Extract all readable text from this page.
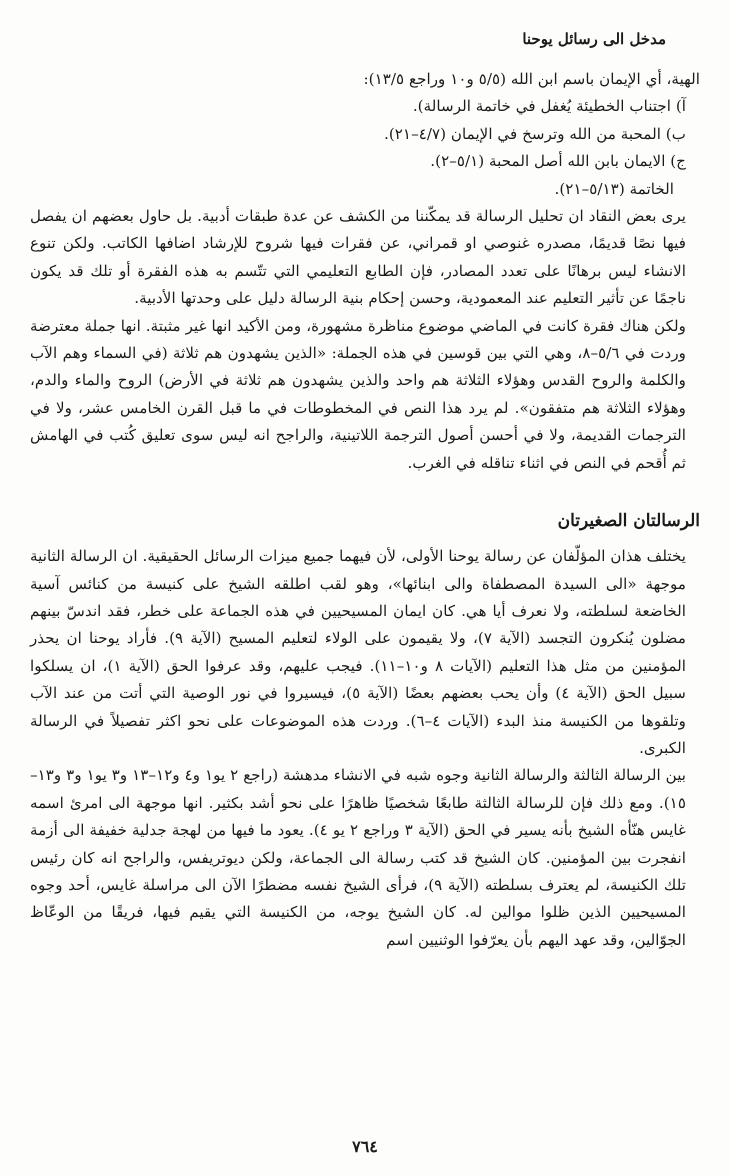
مدخل الى رسائل يوحنا

الهية، أي الإيمان باسم ابن الله (٥/٥ و١٠ وراجع ١٣/٥):

آ) اجتناب الخطيئة يُغفل في خاتمة الرسالة).

ب) المحبة من الله وترسخ في الإيمان (٤/٧–٢١).

ج) الايمان بابن الله أصل المحبة (٥/١–٢).

الخاتمة (٥/١٣–٢١).

يرى بعض النقاد ان تحليل الرسالة قد يمكّننا من الكشف عن عدة طبقات أدبية. بل حاول بعضهم ان يفصل فيها نصًا قديمًا، مصدره غنوصي او قمراني، عن فقرات فيها شروح للإرشاد اضافها الكاتب. ولكن تنوع الانشاء ليس برهانًا على تعدد المصادر، فإن الطابع التعليمي التي تتّسم به هذه الفقرة أو تلك قد يكون ناجمًا عن تأثير التعليم عند المعمودية، وحسن إحكام بنية الرسالة دليل على وحدتها الأدبية.

ولكن هناك فقرة كانت في الماضي موضوع مناظرة مشهورة، ومن الأكيد انها غير مثبتة. انها جملة معترضة وردت في ٥/٦–٨، وهي التي بين قوسين في هذه الجملة: «الذين يشهدون هم ثلاثة (في السماء وهم الآب والكلمة والروح القدس وهؤلاء الثلاثة هم واحد والذين يشهدون هم ثلاثة في الأرض) الروح والماء والدم، وهؤلاء الثلاثة هم متفقون». لم يرد هذا النص في المخطوطات في ما قبل القرن الخامس عشر، ولا في الترجمات القديمة، ولا في أحسن أصول الترجمة اللاتينية، والراجح انه ليس سوى تعليق كُتب في الهامش ثم أُقحم في النص في اثناء تناقله في الغرب.

الرسالتان الصغيرتان

يختلف هذان المؤلّفان عن رسالة يوحنا الأولى، لأن فيهما جميع ميزات الرسائل الحقيقية. ان الرسالة الثانية موجهة «الى السيدة المصطفاة والى ابنائها»، وهو لقب اطلقه الشيخ على كنيسة من كنائس آسية الخاضعة لسلطته، ولا نعرف أيا هي. كان ايمان المسيحيين في هذه الجماعة على خطر، فقد اندسّ بينهم مضلون يُنكرون التجسد (الآية ٧)، ولا يقيمون على الولاء لتعليم المسيح (الآية ٩). فأراد يوحنا ان يحذر المؤمنين من مثل هذا التعليم (الآيات ٨ و١٠–١١). فيجب عليهم، وقد عرفوا الحق (الآية ١)، ان يسلكوا سبيل الحق (الآية ٤) وأن يحب بعضهم بعضًا (الآية ٥)، فيسيروا في نور الوصية التي أتت من عند الآب وتلقوها من الكنيسة منذ البدء (الآيات ٤–٦). وردت هذه الموضوعات على نحو اكثر تفصيلاً في الرسالة الكبرى.

بين الرسالة الثالثة والرسالة الثانية وجوه شبه في الانشاء مدهشة (راجع ٢ يو١ و٤ و١٢–١٣ و٣ يو١ و٣ و١٣–١٥). ومع ذلك فإن للرسالة الثالثة طابعًا شخصيًا ظاهرًا على نحو أشد بكثير. انها موجهة الى امرئ اسمه غايس هنّأه الشيخ بأنه يسير في الحق (الآية ٣ وراجع ٢ يو ٤). يعود ما فيها من لهجة جدلية خفيفة الى أزمة انفجرت بين المؤمنين. كان الشيخ قد كتب رسالة الى الجماعة، ولكن ديوتريفس، والراجح انه كان رئيس تلك الكنيسة، لم يعترف بسلطته (الآية ٩)، فرأى الشيخ نفسه مضطرًا الآن الى مراسلة غايس، أحد وجوه المسيحيين الذين ظلوا موالين له. كان الشيخ يوجه، من الكنيسة التي يقيم فيها، فريقًا من الوعّاظ الجوّالين، وقد عهد اليهم بأن يعرّفوا الوثنيين اسم

٧٦٤
